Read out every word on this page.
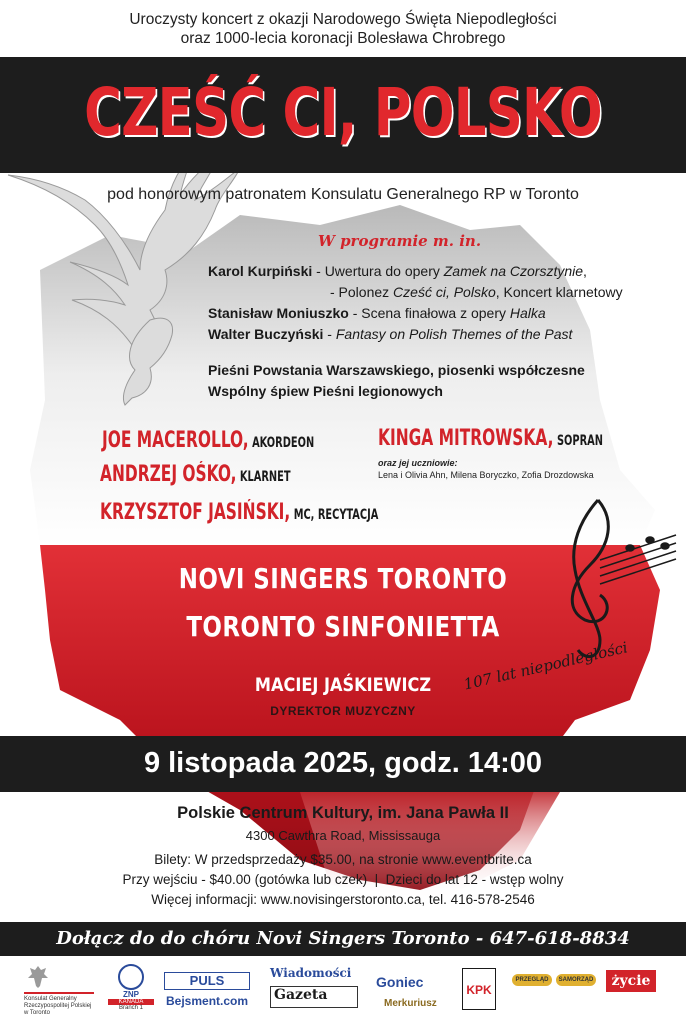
Uroczysty koncert z okazji Narodowego Święta Niepodległości
oraz 1000-lecia koronacji Bolesława Chrobrego
CZEŚĆ CI, POLSKO
pod honorowym patronatem Konsulatu Generalnego RP w Toronto
W programie m. in.
Karol Kurpiński - Uwertura do opery Zamek na Czorsztynie,
- Polonez Cześć ci, Polsko, Koncert klarnetowy
Stanisław Moniuszko - Scena finałowa z opery Halka
Walter Buczyński - Fantasy on Polish Themes of the Past
Pieśni Powstania Warszawskiego, piosenki współczesne
Wspólny śpiew Pieśni legionowych
JOE MACEROLLO, AKORDEON
ANDRZEJ OŚKO, KLARNET
KRZYSZTOF JASIŃSKI, MC, RECYTACJA
KINGA MITROWSKA, SOPRAN
oraz jej uczniowie:
Lena i Olivia Ahn, Milena Boryczko, Zofia Drozdowska
NOVI SINGERS TORONTO
TORONTO SINFONIETTA
MACIEJ JAŚKIEWICZ
DYREKTOR MUZYCZNY
107 lat niepodległości
9 listopada 2025, godz. 14:00
Polskie Centrum Kultury, im. Jana Pawła II
4300 Cawthra Road, Mississauga
Bilety: W przedsprzedaży $35.00, na stronie www.eventbrite.ca
Przy wejściu - $40.00 (gotówka lub czek)  |  Dzieci do lat 12 - wstęp wolny
Więcej informacji: www.novisingerstoronto.ca, tel. 416-578-2546
Dołącz do do chóru Novi Singers Toronto - 647-618-8834
Konsulat Generalny
Rzeczypospolitej Polskiej
w Toronto
ZNP
KANADA
Branch 1
PULS
Bejsment.com
Wiadomości
Gazeta
Goniec
Merkuriusz
KPK
PRZEGLĄD	SAMORZĄD	życie
